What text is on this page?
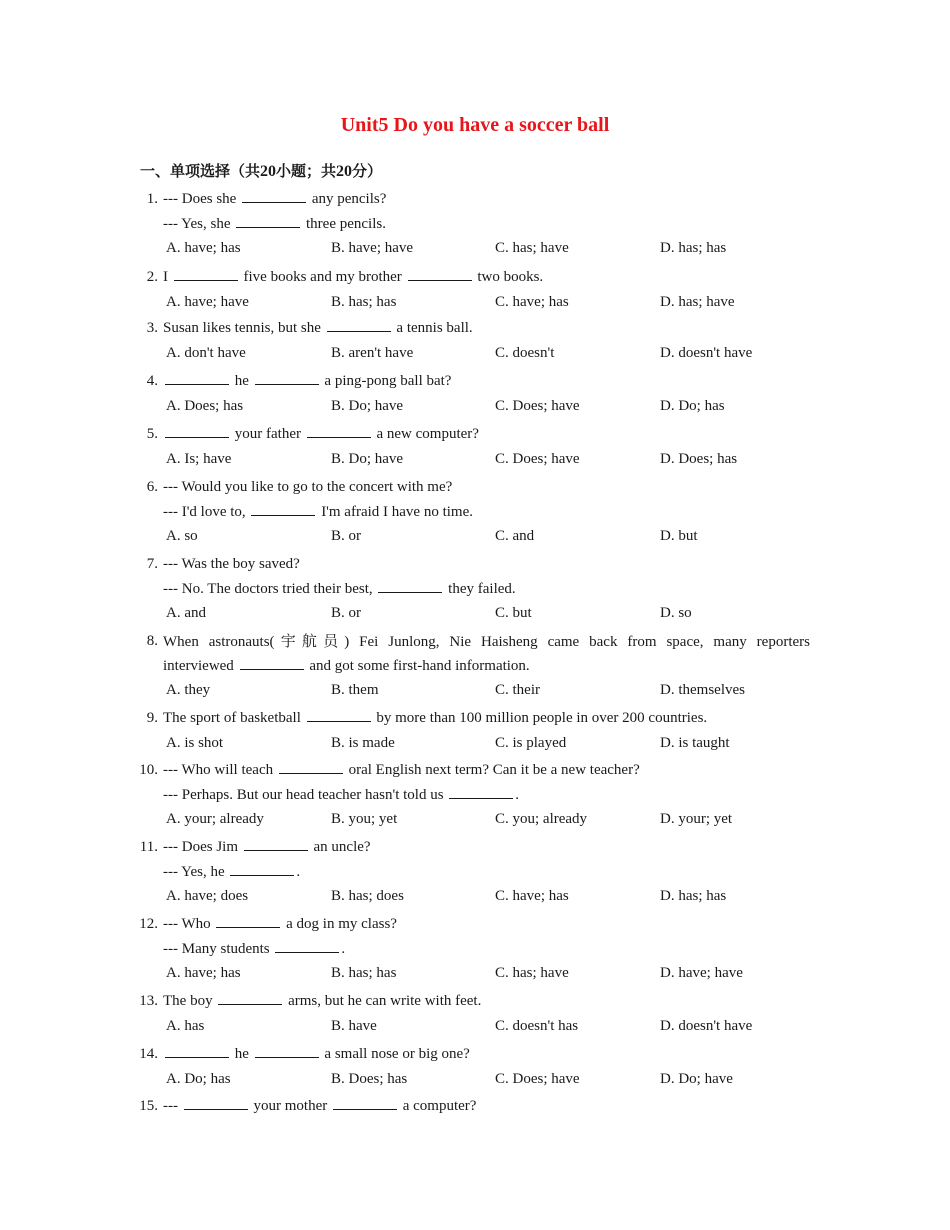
Unit5 Do you have a soccer ball
一、单项选择（共20小题；共20分）
1. --- Does she	any pencils?
--- Yes, she	three pencils.
A. have; has	B. have; have	C. has; have	D. has; has
2. I	five books and my brother	two books.
A. have; have	B. has; has	C. have; has	D. has; have
3. Susan likes tennis, but she	a tennis ball.
A. don't have	B. aren't have	C. doesn't	D. doesn't have
4.	he	a ping-pong ball bat?
A. Does; has	B. Do; have	C. Does; have	D. Do; has
5.	your father	a new computer?
A. Is; have	B. Do; have	C. Does; have	D. Does; has
6. --- Would you like to go to the concert with me?
--- I'd love to,	I'm afraid I have no time.
A. so	B. or	C. and	D. but
7. --- Was the boy saved?
--- No. The doctors tried their best,	they failed.
A. and	B. or	C. but	D. so
8. When astronauts(宇航员) Fei Junlong, Nie Haisheng came back from space, many reporters
interviewed	and got some first-hand information.
A. they	B. them	C. their	D. themselves
9. The sport of basketball	by more than 100 million people in over 200 countries.
A. is shot	B. is made	C. is played	D. is taught
10. --- Who will teach	oral English next term? Can it be a new teacher?
--- Perhaps. But our head teacher hasn't told us	.
A. your; already	B. you; yet	C. you; already	D. your; yet
11. --- Does Jim	an uncle?
--- Yes, he	.
A. have; does	B. has; does	C. have; has	D. has; has
12. --- Who	a dog in my class?
--- Many students	.
A. have; has	B. has; has	C. has; have	D. have; have
13. The boy	arms, but he can write with feet.
A. has	B. have	C. doesn't has	D. doesn't have
14.	he	a small nose or big one?
A. Do; has	B. Does; has	C. Does; have	D. Do; have
15. ---	your mother	a computer?
